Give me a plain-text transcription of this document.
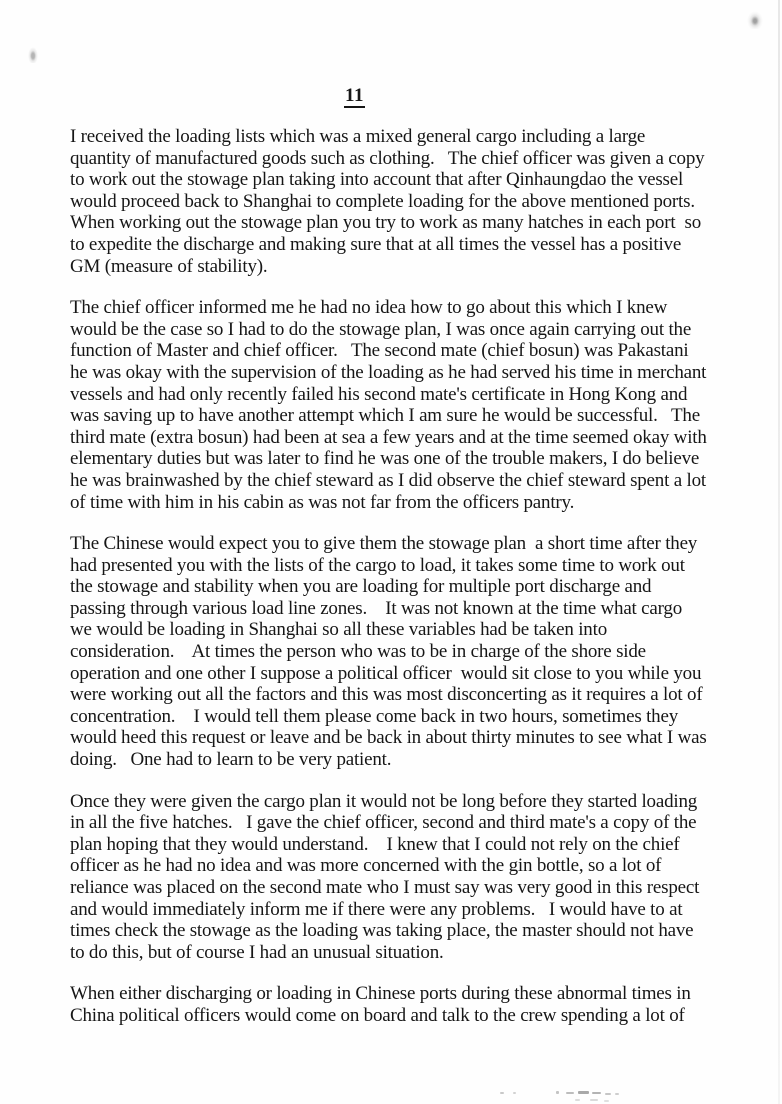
11
I received the loading lists which was a mixed general cargo including a large
quantity of manufactured goods such as clothing.   The chief officer was given a copy
to work out the stowage plan taking into account that after Qinhaungdao the vessel
would proceed back to Shanghai to complete loading for the above mentioned ports.
When working out the stowage plan you try to work as many hatches in each port  so
to expedite the discharge and making sure that at all times the vessel has a positive
GM (measure of stability).
The chief officer informed me he had no idea how to go about this which I knew
would be the case so I had to do the stowage plan, I was once again carrying out the
function of Master and chief officer.   The second mate (chief bosun) was Pakastani
he was okay with the supervision of the loading as he had served his time in merchant
vessels and had only recently failed his second mate's certificate in Hong Kong and
was saving up to have another attempt which I am sure he would be successful.   The
third mate (extra bosun) had been at sea a few years and at the time seemed okay with
elementary duties but was later to find he was one of the trouble makers, I do believe
he was brainwashed by the chief steward as I did observe the chief steward spent a lot
of time with him in his cabin as was not far from the officers pantry.
The Chinese would expect you to give them the stowage plan  a short time after they
had presented you with the lists of the cargo to load, it takes some time to work out
the stowage and stability when you are loading for multiple port discharge and
passing through various load line zones.    It was not known at the time what cargo
we would be loading in Shanghai so all these variables had be taken into
consideration.    At times the person who was to be in charge of the shore side
operation and one other I suppose a political officer  would sit close to you while you
were working out all the factors and this was most disconcerting as it requires a lot of
concentration.    I would tell them please come back in two hours, sometimes they
would heed this request or leave and be back in about thirty minutes to see what I was
doing.   One had to learn to be very patient.
Once they were given the cargo plan it would not be long before they started loading
in all the five hatches.   I gave the chief officer, second and third mate's a copy of the
plan hoping that they would understand.    I knew that I could not rely on the chief
officer as he had no idea and was more concerned with the gin bottle, so a lot of
reliance was placed on the second mate who I must say was very good in this respect
and would immediately inform me if there were any problems.   I would have to at
times check the stowage as the loading was taking place, the master should not have
to do this, but of course I had an unusual situation.
When either discharging or loading in Chinese ports during these abnormal times in
China political officers would come on board and talk to the crew spending a lot of
